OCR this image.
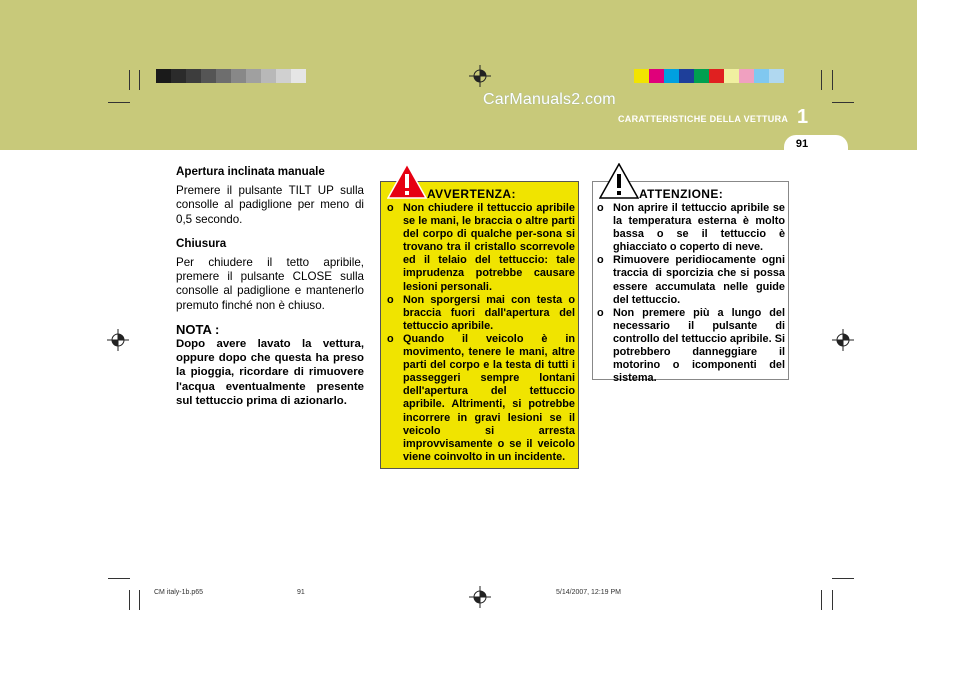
CarManuals2.com
CARATTERISTICHE DELLA VETTURA 1
91

Apertura inclinata manuale

Premere il pulsante TILT UP sulla consolle al padiglione per meno di 0,5 secondo.

Chiusura

Per chiudere il tetto apribile, premere il pulsante CLOSE sulla consolle al padiglione e mantenerlo premuto finché non è chiuso.

NOTA :
Dopo avere lavato la vettura, oppure dopo che questa ha preso la pioggia, ricordare di rimuovere l'acqua eventualmente presente sul tettuccio prima di azionarlo.
AVVERTENZA:
o Non chiudere il tettuccio apribile se le mani, le braccia o altre parti del corpo di qualche per-sona si trovano tra il cristallo scorrevole ed il telaio del tettuccio: tale imprudenza potrebbe causare lesioni personali.
o Non sporgersi mai con testa o braccia fuori dall'apertura del tettuccio apribile.
o Quando il veicolo è in movimento, tenere le mani, altre parti del corpo e la testa di tutti i passeggeri sempre lontani dell'apertura del tettuccio apribile. Altrimenti, si potrebbe incorrere in gravi lesioni se il veicolo si arresta improvvisamente o se il veicolo viene coinvolto in un incidente.
ATTENZIONE:
o Non aprire il tettuccio apribile se la temperatura esterna è molto bassa o se il tettuccio è ghiacciato o coperto di neve.
o Rimuovere peridiocamente ogni traccia di sporcizia che si possa essere accumulata nelle guide del tettuccio.
o Non premere più a lungo del necessario il pulsante di controllo del tettuccio apribile. Si potrebbero danneggiare il motorino o icomponenti del sistema.
CM italy-1b.p65	91	5/14/2007, 12:19 PM
